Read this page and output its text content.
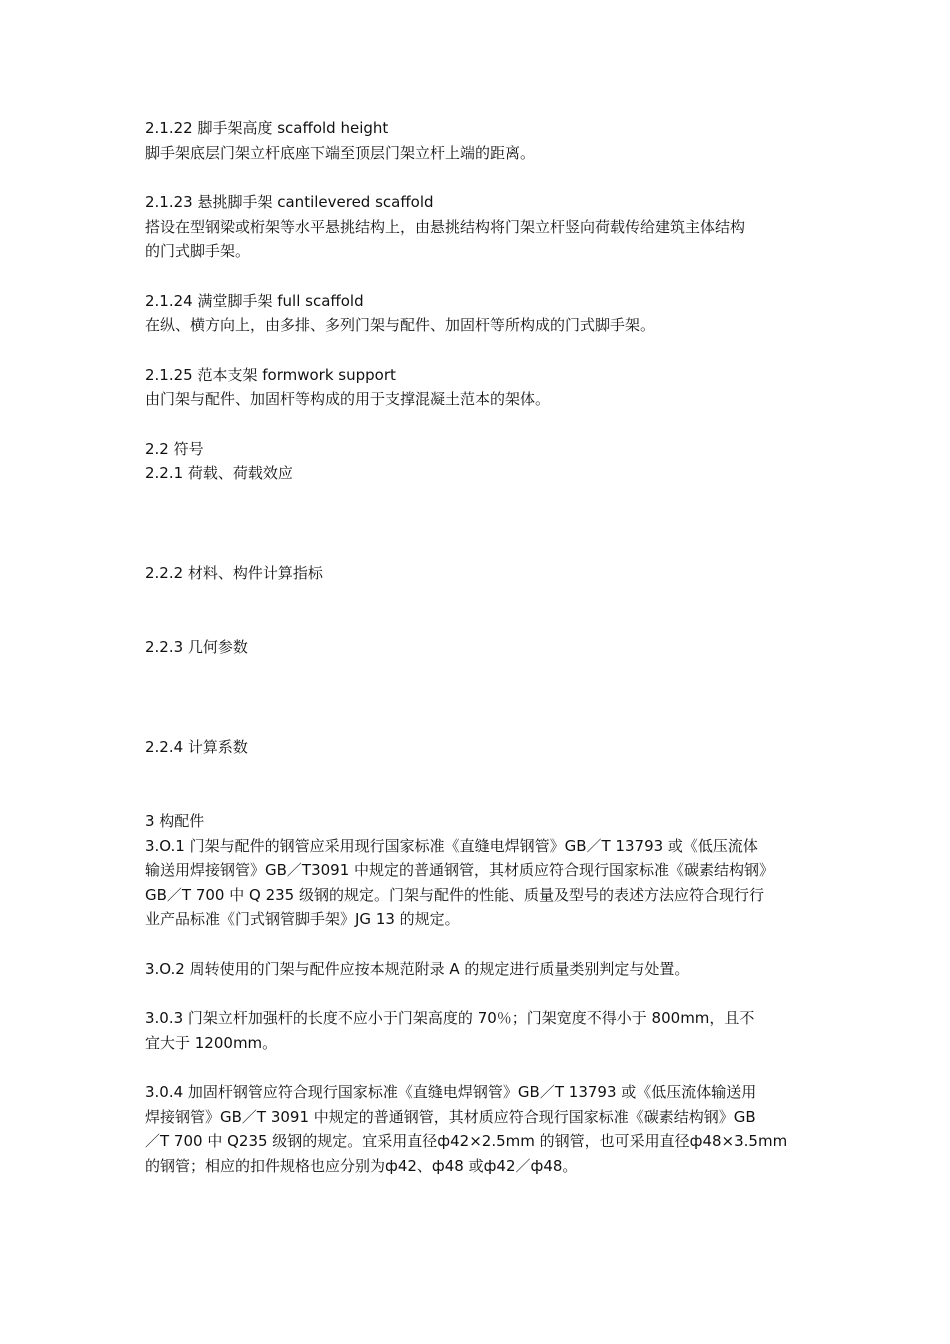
2.1.22 脚手架高度 scaffold height
脚手架底层门架立杆底座下端至顶层门架立杆上端的距离。
2.1.23 悬挑脚手架 cantilevered scaffold
搭设在型钢梁或桁架等水平悬挑结构上，由悬挑结构将门架立杆竖向荷载传给建筑主体结构
的门式脚手架。
2.1.24 满堂脚手架 full scaffold
在纵、横方向上，由多排、多列门架与配件、加固杆等所构成的门式脚手架。
2.1.25 范本支架 formwork support
由门架与配件、加固杆等构成的用于支撑混凝土范本的架体。
2.2 符号
2.2.1 荷载、荷载效应
2.2.2 材料、构件计算指标
2.2.3 几何参数
2.2.4 计算系数
3 构配件
3.O.1 门架与配件的钢管应采用现行国家标准《直缝电焊钢管》GB／T 13793 或《低压流体
输送用焊接钢管》GB／T3091 中规定的普通钢管，其材质应符合现行国家标准《碳素结构钢》
GB／T 700 中 Q 235 级钢的规定。门架与配件的性能、质量及型号的表述方法应符合现行行
业产品标准《门式钢管脚手架》JG 13 的规定。
3.O.2 周转使用的门架与配件应按本规范附录 A 的规定进行质量类别判定与处置。
3.0.3 门架立杆加强杆的长度不应小于门架高度的 70％；门架宽度不得小于 800mm，且不
宜大于 1200mm。
3.0.4 加固杆钢管应符合现行国家标准《直缝电焊钢管》GB／T 13793 或《低压流体输送用
焊接钢管》GB／T 3091 中规定的普通钢管，其材质应符合现行国家标准《碳素结构钢》GB
／T 700 中 Q235 级钢的规定。宜采用直径ф42×2.5mm 的钢管，也可采用直径ф48×3.5mm
的钢管；相应的扣件规格也应分别为ф42、ф48 或ф42／ф48。
